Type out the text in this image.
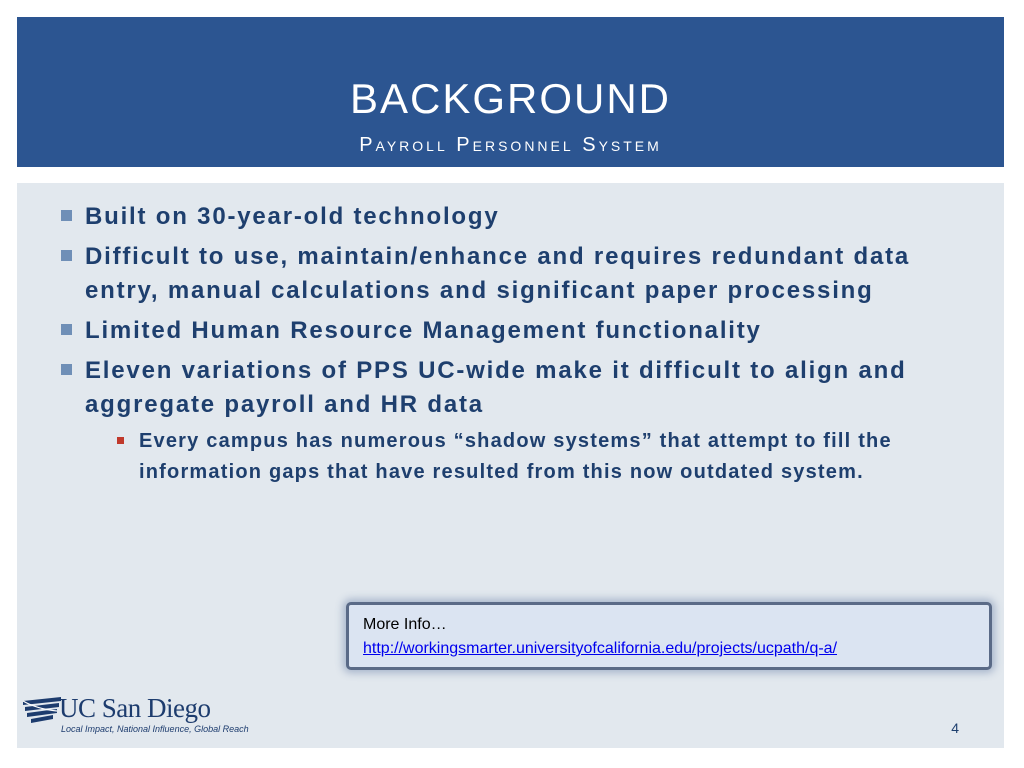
BACKGROUND
Payroll Personnel System
Built on 30-year-old technology
Difficult to use, maintain/enhance and requires redundant data entry, manual calculations and significant paper processing
Limited Human Resource Management functionality
Eleven variations of PPS UC-wide make it difficult to align and aggregate payroll and HR data
Every campus has numerous “shadow systems” that attempt to fill the information gaps that have resulted from this now outdated system.
More Info…
http://workingsmarter.universityofcalifornia.edu/projects/ucpath/q-a/
UC San Diego
Local Impact, National Influence, Global Reach	4
